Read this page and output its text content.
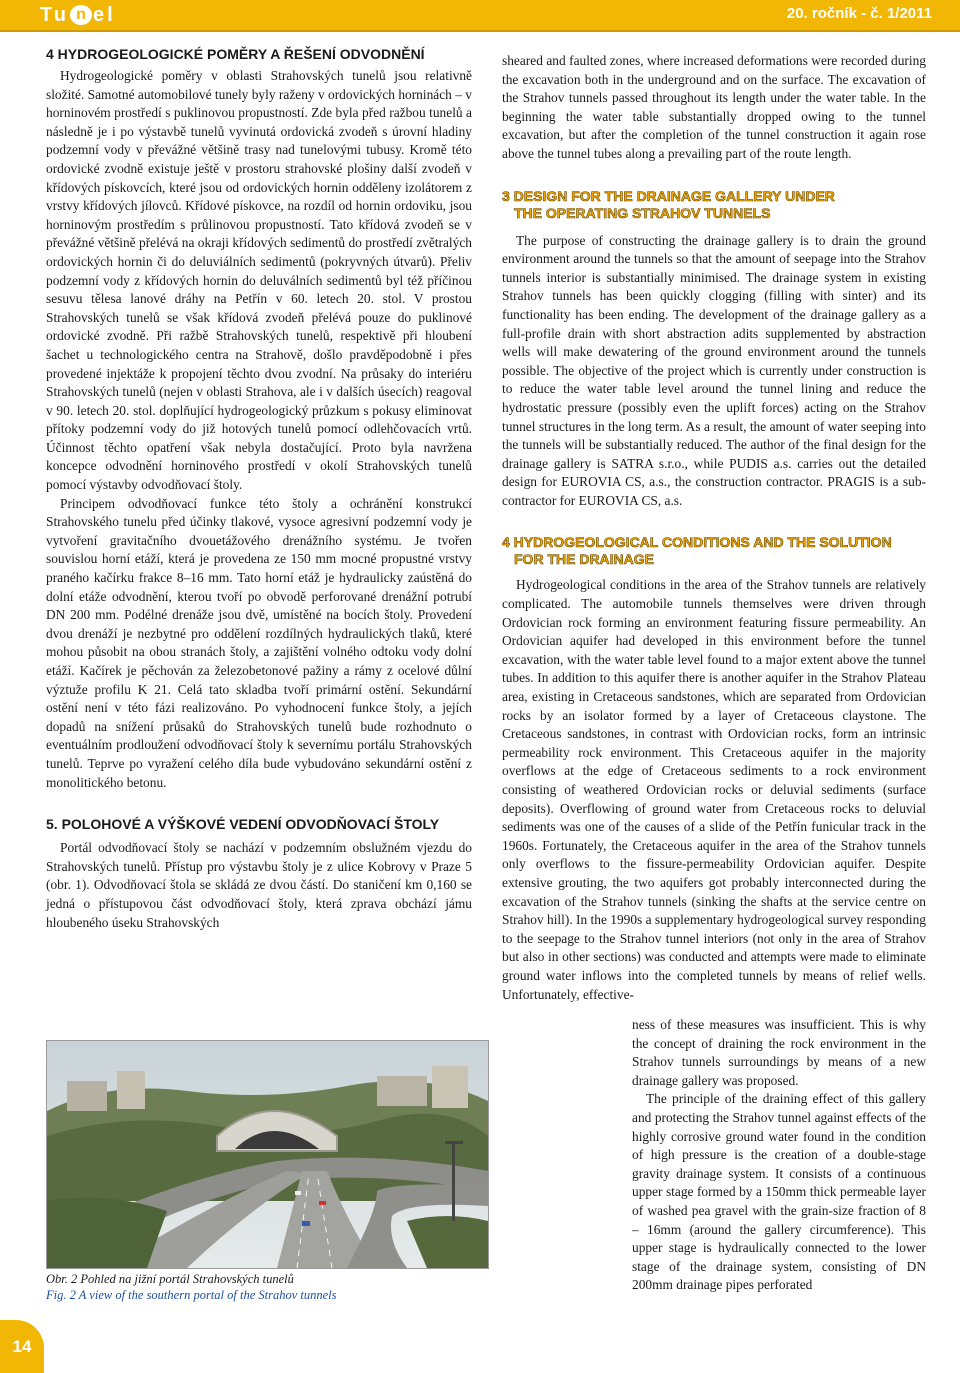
Tu n el	20. ročník - č. 1/2011
4 HYDROGEOLOGICKÉ POMĚRY A ŘEŠENÍ ODVODNĚNÍ

Hydrogeologické poměry v oblasti Strahovských tunelů jsou relativně složité. Samotné automobilové tunely byly raženy v ordovických horninách – v horninovém prostředí s puklinovou propustností. Zde byla před ražbou tunelů a následně je i po výstavbě tunelů vyvinutá ordovická zvodeň s úrovní hladiny podzemní vody v převážné většině trasy nad tunelovými tubusy. Kromě této ordovické zvodně existuje ještě v prostoru strahovské plošiny další zvodeň v křídových pískovcích, které jsou od ordovických hornin odděleny izolátorem z vrstvy křídových jílovců. Křídové pískovce, na rozdíl od hornin ordoviku, jsou horninovým prostředím s průlinovou propustností. Tato křídová zvodeň se v převážné většině přelévá na okraji křídových sedimentů do prostředí zvětralých ordovických hornin či do deluviálních sedimentů (pokryvných útvarů). Přeliv podzemní vody z křídových hornin do deluválních sedimentů byl též příčinou sesuvu tělesa lanové dráhy na Petřín v 60. letech 20. stol. V prostou Strahovských tunelů se však křídová zvodeň přelévá pouze do puklinové ordovické zvodně. Při ražbě Strahovských tunelů, respektivě při hloubení šachet u technologického centra na Strahově, došlo pravděpodobně i přes provedené injektáže k propojení těchto dvou zvodní. Na průsaky do interiéru Strahovských tunelů (nejen v oblasti Strahova, ale i v dalších úsecích) reagoval v 90. letech 20. stol. doplňující hydrogeologický průzkum s pokusy eliminovat přítoky podzemní vody do již hotových tunelů pomocí odlehčovacích vrtů. Účinnost těchto opatření však nebyla dostačující. Proto byla navržena koncepce odvodnění horninového prostředí v okolí Strahovských tunelů pomocí výstavby odvodňovací štoly.

Principem odvodňovací funkce této štoly a ochránění konstrukcí Strahovského tunelu před účinky tlakové, vysoce agresivní podzemní vody je vytvoření gravitačního dvouetážového drenážního systému. Je tvořen souvislou horní etáží, která je provedena ze 150 mm mocné propustné vrstvy praného kačírku frakce 8–16 mm. Tato horní etáž je hydraulicky zaústěná do dolní etáže odvodnění, kterou tvoří po obvodě perforované drenážní potrubí DN 200 mm. Podélné drenáže jsou dvě, umístěné na bocích štoly. Provedení dvou drenáží je nezbytné pro oddělení rozdílných hydraulických tlaků, které mohou působit na obou stranách štoly, a zajištění volného odtoku vody dolní etáží. Kačírek je pěchován za železobetonové pažiny a rámy z ocelové důlní výztuže profilu K 21. Celá tato skladba tvoří primární ostění. Sekundární ostění není v této fázi realizováno. Po vyhodnocení funkce štoly, a jejích dopadů na snížení průsaků do Strahovských tunelů bude rozhodnuto o eventuálním prodloužení odvodňovací štoly k severnímu portálu Strahovských tunelů. Teprve po vyražení celého díla bude vybudováno sekundární ostění z monolitického betonu.

5. POLOHOVÉ A VÝŠKOVÉ VEDENÍ ODVODŇOVACÍ ŠTOLY

Portál odvodňovací štoly se nachází v podzemním obslužném vjezdu do Strahovských tunelů. Přístup pro výstavbu štoly je z ulice Kobrovy v Praze 5 (obr. 1). Odvodňovací štola se skládá ze dvou částí. Do staničení km 0,160 se jedná o přístupovou část odvodňovací štoly, která zprava obchází jámu hloubeného úseku Strahovských

Obr. 2 Pohled na jižní portál Strahovských tunelů
Fig. 2 A view of the southern portal of the Strahov tunnels

sheared and faulted zones, where increased deformations were recorded during the excavation both in the underground and on the surface. The excavation of the Strahov tunnels passed throughout its length under the water table. In the beginning the water table substantially dropped owing to the tunnel excavation, but after the completion of the tunnel construction it again rose above the tunnel tubes along a prevailing part of the route length.

3 DESIGN FOR THE DRAINAGE GALLERY UNDER
THE OPERATING STRAHOV TUNNELS

The purpose of constructing the drainage gallery is to drain the ground environment around the tunnels so that the amount of seepage into the Strahov tunnels interior is substantially minimised. The drainage system in existing Strahov tunnels has been quickly clogging (filling with sinter) and its functionality has been ending. The development of the drainage gallery as a full-profile drain with short abstraction adits supplemented by abstraction wells will make dewatering of the ground environment around the tunnels possible. The objective of the project which is currently under construction is to reduce the water table level around the tunnel lining and reduce the hydrostatic pressure (possibly even the uplift forces) acting on the Strahov tunnel structures in the long term. As a result, the amount of water seeping into the tunnels will be substantially reduced. The author of the final design for the drainage gallery is SATRA s.r.o., while PUDIS a.s. carries out the detailed design for EUROVIA CS, a.s., the construction contractor. PRAGIS is a sub-contractor for EUROVIA CS, a.s.

4 HYDROGEOLOGICAL CONDITIONS AND THE SOLUTION
FOR THE DRAINAGE

Hydrogeological conditions in the area of the Strahov tunnels are relatively complicated. The automobile tunnels themselves were driven through Ordovician rock forming an environment featuring fissure permeability. An Ordovician aquifer had developed in this environment before the tunnel excavation, with the water table level found to a major extent above the tunnel tubes. In addition to this aquifer there is another aquifer in the Strahov Plateau area, existing in Cretaceous sandstones, which are separated from Ordovician rocks by an isolator formed by a layer of Cretaceous claystone. The Cretaceous sandstones, in contrast with Ordovician rocks, form an intrinsic permeability rock environment. This Cretaceous aquifer in the majority overflows at the edge of Cretaceous sediments to a rock environment consisting of weathered Ordovician rocks or deluvial sediments (surface deposits). Overflowing of ground water from Cretaceous rocks to deluvial sediments was one of the causes of a slide of the Petřín funicular track in the 1960s. Fortunately, the Cretaceous aquifer in the area of the Strahov tunnels only overflows to the fissure-permeability Ordovician aquifer. Despite extensive grouting, the two aquifers got probably interconnected during the excavation of the Strahov tunnels (sinking the shafts at the service centre on Strahov hill). In the 1990s a supplementary hydrogeological survey responding to the seepage to the Strahov tunnel interiors (not only in the area of Strahov but also in other sections) was conducted and attempts were made to eliminate ground water inflows into the completed tunnels by means of relief wells. Unfortunately, effective-

ness of these measures was insufficient. This is why the concept of draining the rock environment in the Strahov tunnels surroundings by means of a new drainage gallery was proposed.

The principle of the draining effect of this gallery and protecting the Strahov tunnel against effects of the highly corrosive ground water found in the condition of high pressure is the creation of a double-stage gravity drainage system. It consists of a continuous upper stage formed by a 150mm thick permeable layer of washed pea gravel with the grain-size fraction of 8 – 16mm (around the gallery circumference). This upper stage is hydraulically connected to the lower stage of the drainage system, consisting of DN 200mm drainage pipes perforated

14
